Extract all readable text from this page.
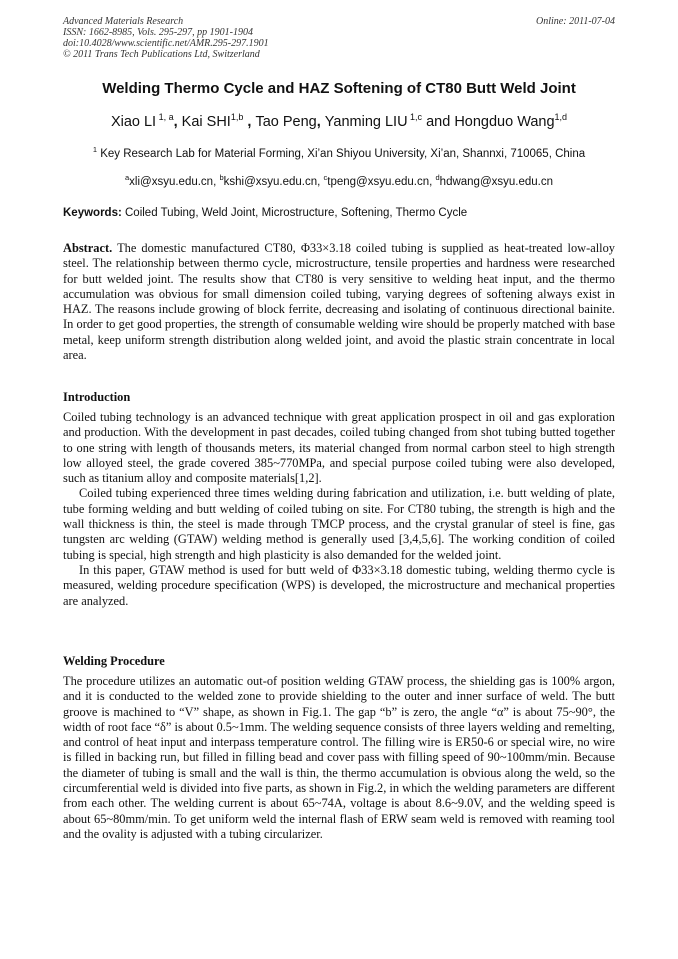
Advanced Materials Research
ISSN: 1662-8985, Vols. 295-297, pp 1901-1904
doi:10.4028/www.scientific.net/AMR.295-297.1901
© 2011 Trans Tech Publications Ltd, Switzerland
Online: 2011-07-04
Welding Thermo Cycle and HAZ Softening of CT80 Butt Weld Joint
Xiao LI $^{1, a}$, Kai SHI$^{1,b}$ , Tao Peng, Yanming LIU $^{1,c}$ and Hongduo Wang$^{1,d}$
$^1$ Key Research Lab for Material Forming, Xi’an Shiyou University, Xi’an, Shannxi, 710065, China
$^a$xli@xsyu.edu.cn, $^b$kshi@xsyu.edu.cn, $^c$tpeng@xsyu.edu.cn, $^d$hdwang@xsyu.edu.cn
Keywords: Coiled Tubing, Weld Joint, Microstructure, Softening, Thermo Cycle

Abstract. The domestic manufactured CT80, Φ33×3.18 coiled tubing is supplied as heat-treated low-alloy steel. The relationship between thermo cycle, microstructure, tensile properties and hardness were researched for butt welded joint. The results show that CT80 is very sensitive to welding heat input, and the thermo accumulation was obvious for small dimension coiled tubing, varying degrees of softening always exist in HAZ. The reasons include growing of block ferrite, decreasing and isolating of continuous directional bainite. In order to get good properties, the strength of consumable welding wire should be properly matched with base metal, keep uniform strength distribution along welded joint, and avoid the plastic strain concentrate in local area.

Introduction

Coiled tubing technology is an advanced technique with great application prospect in oil and gas exploration and production. With the development in past decades, coiled tubing changed from shot tubing butted together to one string with length of thousands meters, its material changed from normal carbon steel to high strength low alloyed steel, the grade covered 385~770MPa, and special purpose coiled tubing were also developed, such as titanium alloy and composite materials[1,2].

Coiled tubing experienced three times welding during fabrication and utilization, i.e. butt welding of plate, tube forming welding and butt welding of coiled tubing on site. For CT80 tubing, the strength is high and the wall thickness is thin, the steel is made through TMCP process, and the crystal granular of steel is fine, gas tungsten arc welding (GTAW) welding method is generally used [3,4,5,6]. The working condition of coiled tubing is special, high strength and high plasticity is also demanded for the welded joint.

In this paper, GTAW method is used for butt weld of Φ33×3.18 domestic tubing, welding thermo cycle is measured, welding procedure specification (WPS) is developed, the microstructure and mechanical properties are analyzed.

Welding Procedure

The procedure utilizes an automatic out-of position welding GTAW process, the shielding gas is 100% argon, and it is conducted to the welded zone to provide shielding to the outer and inner surface of weld. The butt groove is machined to “V” shape, as shown in Fig.1. The gap “b” is zero, the angle “α” is about 75~90°, the width of root face “δ” is about 0.5~1mm. The welding sequence consists of three layers welding and remelting, and control of heat input and interpass temperature control. The filling wire is ER50-6 or special wire, no wire is filled in backing run, but filled in filling bead and cover pass with filling speed of 90~100mm/min. Because the diameter of tubing is small and the wall is thin, the thermo accumulation is obvious along the weld, so the circumferential weld is divided into five parts, as shown in Fig.2, in which the welding parameters are different from each other. The welding current is about 65~74A, voltage is about 8.6~9.0V, and the welding speed is about 65~80mm/min. To get uniform weld the internal flash of ERW seam weld is removed with reaming tool and the ovality is adjusted with a tubing circularizer.
